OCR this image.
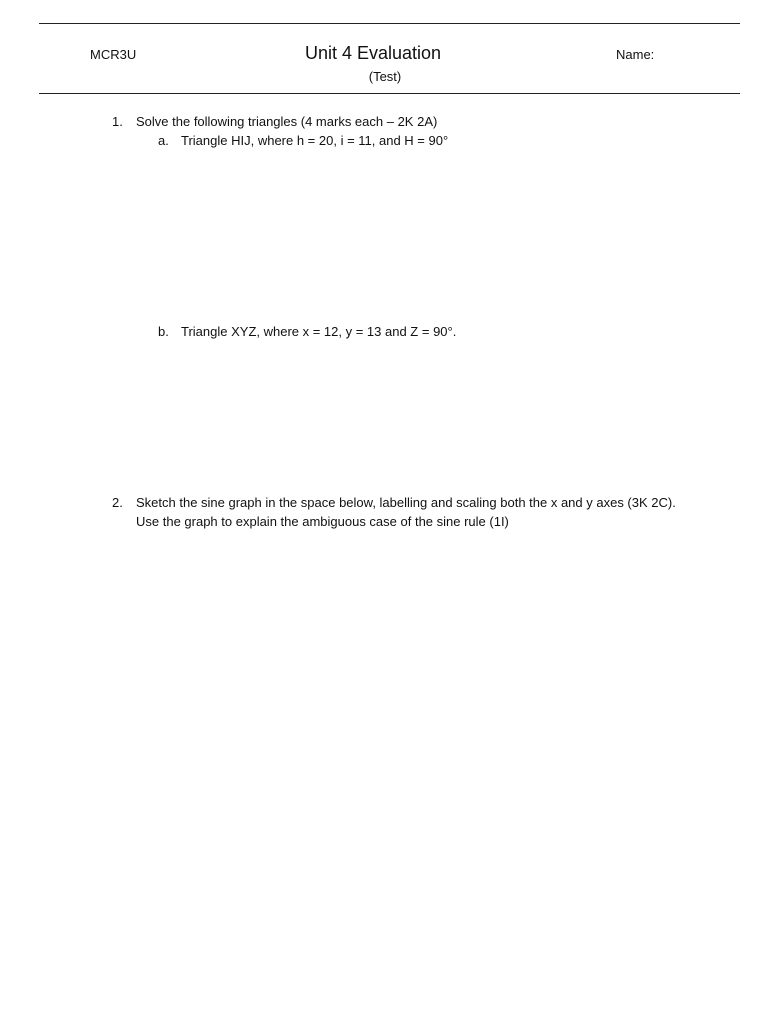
MCR3U	Unit 4 Evaluation
(Test)
Name:
1. Solve the following triangles (4 marks each – 2K 2A)
a. Triangle HIJ, where h = 20, i = 11, and H = 90°
b. Triangle XYZ, where x = 12, y = 13 and Z = 90°.
2. Sketch the sine graph in the space below, labelling and scaling both the x and y axes (3K 2C). Use the graph to explain the ambiguous case of the sine rule (1I)
